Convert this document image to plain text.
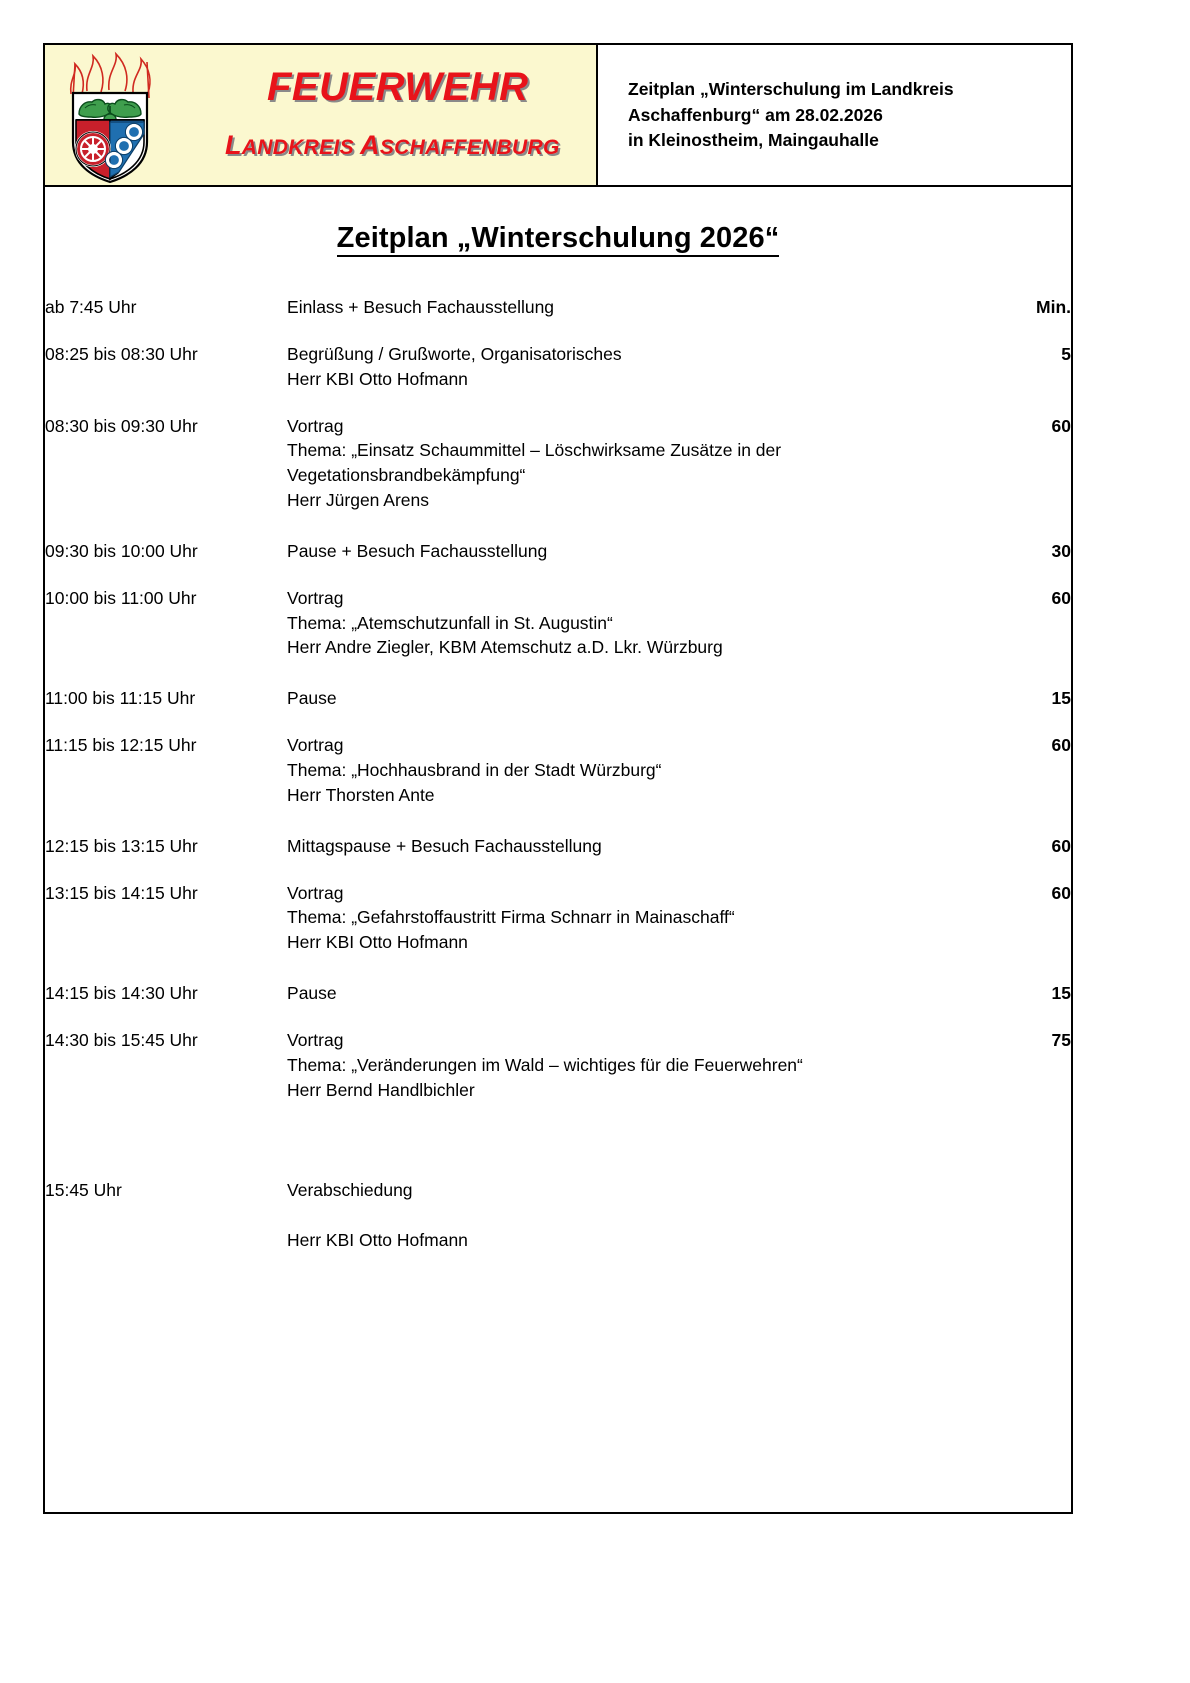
FEUERWEHR
LANDKREIS ASCHAFFENBURG
Zeitplan „Winterschulung im Landkreis
Aschaffenburg“ am 28.02.2026
in Kleinostheim, Maingauhalle
Zeitplan „Winterschulung 2026“
ab 7:45 Uhr	Einlass + Besuch Fachausstellung	Min.
08:25 bis 08:30 Uhr	Begrüßung / Grußworte, Organisatorisches
Herr KBI Otto Hofmann	5
08:30 bis 09:30 Uhr	Vortrag
Thema: „Einsatz Schaummittel – Löschwirksame Zusätze in der
Vegetationsbrandbekämpfung“
Herr Jürgen Arens	60
09:30 bis 10:00 Uhr	Pause + Besuch Fachausstellung	30
10:00 bis 11:00 Uhr	Vortrag
Thema: „Atemschutzunfall in St. Augustin“
Herr Andre Ziegler, KBM Atemschutz a.D. Lkr. Würzburg	60
11:00 bis 11:15 Uhr	Pause	15
11:15 bis 12:15 Uhr	Vortrag
Thema: „Hochhausbrand in der Stadt Würzburg“
Herr Thorsten Ante	60
12:15 bis 13:15 Uhr	Mittagspause + Besuch Fachausstellung	60
13:15 bis 14:15 Uhr	Vortrag
Thema: „Gefahrstoffaustritt Firma Schnarr in Mainaschaff“
Herr KBI Otto Hofmann	60
14:15 bis 14:30 Uhr	Pause	15
14:30 bis 15:45 Uhr	Vortrag
Thema: „Veränderungen im Wald – wichtiges für die Feuerwehren“
Herr Bernd Handlbichler	75

15:45 Uhr	Verabschiedung

Herr KBI Otto Hofmann	
